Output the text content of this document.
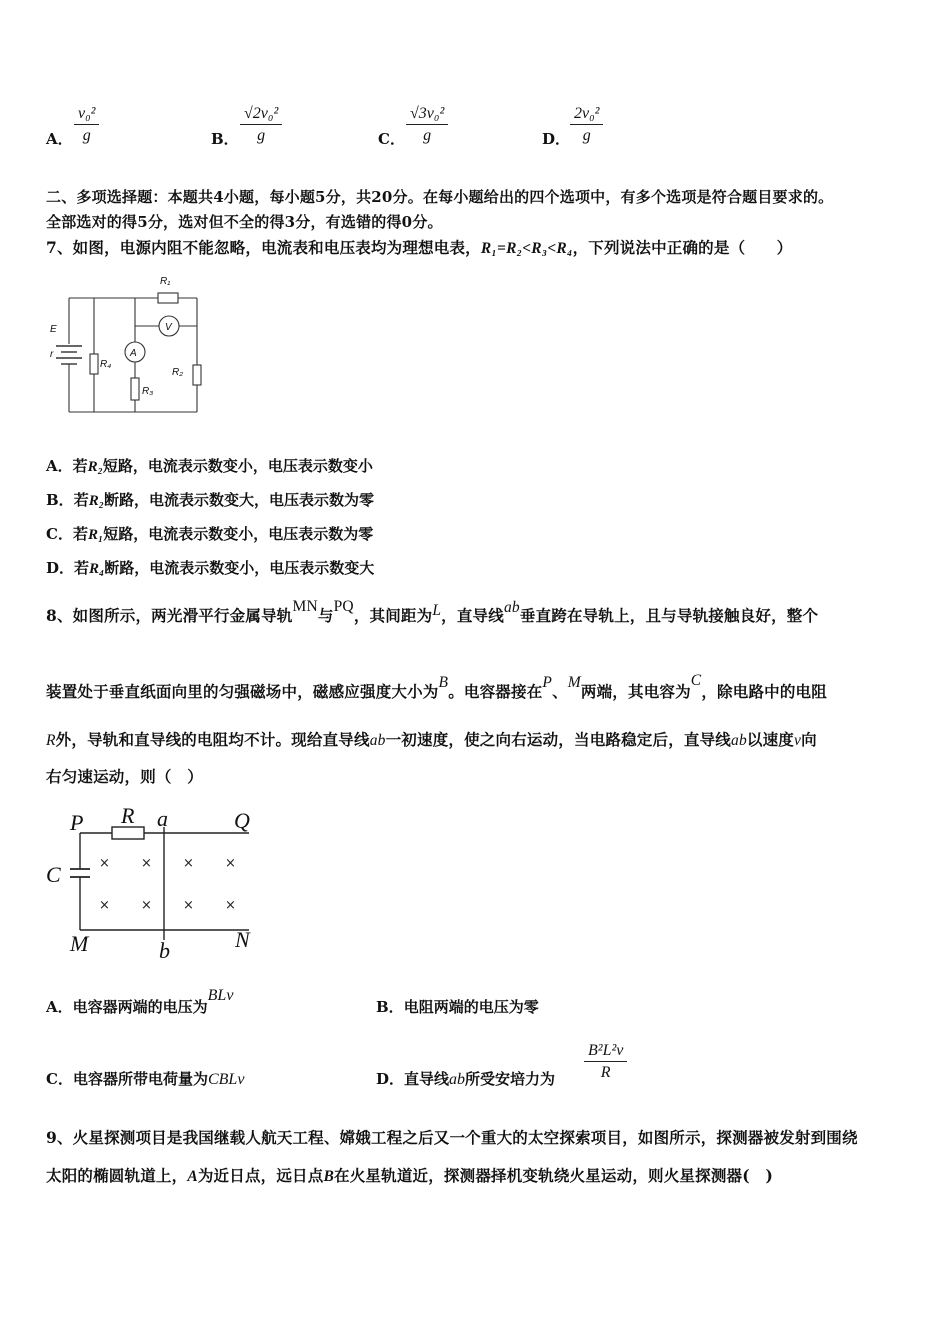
A． $\frac{\text{v₀²}}{g}$	B． $\frac{\text{√2v₀²}}{g}$	C． $\frac{\text{√3v₀²}}{g}$	D． $\frac{\text{2v₀²}}{g}$
二、多项选择题：本题共4小题，每小题5分，共20分。在每小题给出的四个选项中，有多个选项是符合题目要求的。
全部选对的得5分，选对但不全的得3分，有选错的得0分。
7、如图，电源内阻不能忽略，电流表和电压表均为理想电表，R₁=R₂<R₃<R₄，下列说法中正确的是（　　）
E
r
R₄
R₃
R₁
R₂
A
V
A．若R₂短路，电流表示数变小，电压表示数变小
B．若R₂断路，电流表示数变大，电压表示数为零
C．若R₁短路，电流表示数变小，电压表示数为零
D．若R₄断路，电流表示数变小，电压表示数变大
8、如图所示，两光滑平行金属导轨MN与PQ，其间距为L，直导线ab垂直跨在导轨上，且与导轨接触良好，整个
装置处于垂直纸面向里的匀强磁场中，磁感应强度大小为B。电容器接在P、M两端，其电容为C，除电路中的电阻
R外，导轨和直导线的电阻均不计。现给直导线ab一初速度，使之向右运动，当电路稳定后，直导线ab以速度v向
右匀速运动，则（　）
× × × ×
× × × ×
P R a	Q
C
M	b	N
A．电容器两端的电压为BLv
B．电阻两端的电压为零
C．电容器所带电荷量为CBLv	D．直导线ab所受安培力为 $\frac{\text{B²L²v}}{R}$
9、火星探测项目是我国继载人航天工程、嫦娥工程之后又一个重大的太空探索项目，如图所示，探测器被发射到围绕
太阳的椭圆轨道上，A为近日点，远日点B在火星轨道近，探测器择机变轨绕火星运动，则火星探测器(　)
